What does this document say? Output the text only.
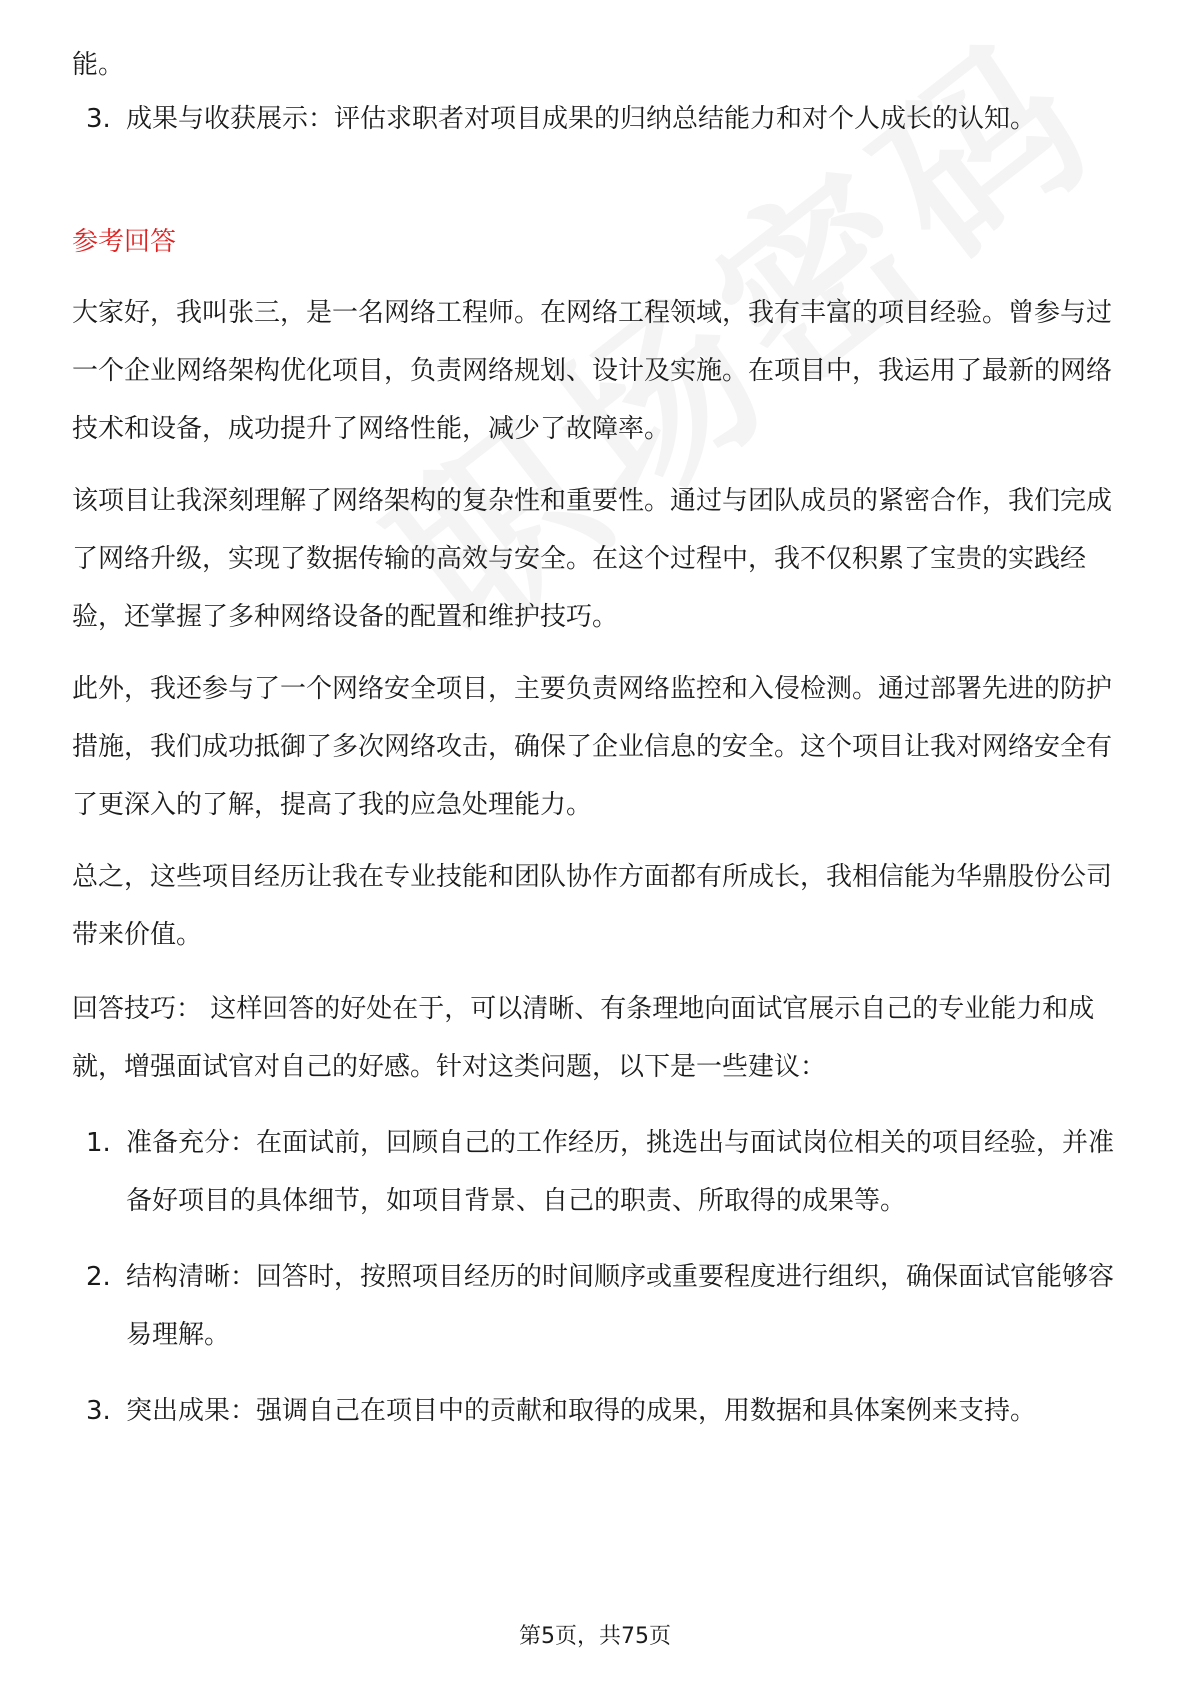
能。

3. 成果与收获展示：评估求职者对项目成果的归纳总结能力和对个人成长的认知。

参考回答

大家好，我叫张三，是一名网络工程师。在网络工程领域，我有丰富的项目经验。曾参与过一个企业网络架构优化项目，负责网络规划、设计及实施。在项目中，我运用了最新的网络技术和设备，成功提升了网络性能，减少了故障率。

该项目让我深刻理解了网络架构的复杂性和重要性。通过与团队成员的紧密合作，我们完成了网络升级，实现了数据传输的高效与安全。在这个过程中，我不仅积累了宝贵的实践经验，还掌握了多种网络设备的配置和维护技巧。

此外，我还参与了一个网络安全项目，主要负责网络监控和入侵检测。通过部署先进的防护措施，我们成功抵御了多次网络攻击，确保了企业信息的安全。这个项目让我对网络安全有了更深入的了解，提高了我的应急处理能力。

总之，这些项目经历让我在专业技能和团队协作方面都有所成长，我相信能为华鼎股份公司带来价值。

回答技巧： 这样回答的好处在于，可以清晰、有条理地向面试官展示自己的专业能力和成就，增强面试官对自己的好感。针对这类问题，以下是一些建议：

1. 准备充分：在面试前，回顾自己的工作经历，挑选出与面试岗位相关的项目经验，并准备好项目的具体细节，如项目背景、自己的职责、所取得的成果等。
2. 结构清晰：回答时，按照项目经历的时间顺序或重要程度进行组织，确保面试官能够容易理解。
3. 突出成果：强调自己在项目中的贡献和取得的成果，用数据和具体案例来支持。
第5页，共75页
